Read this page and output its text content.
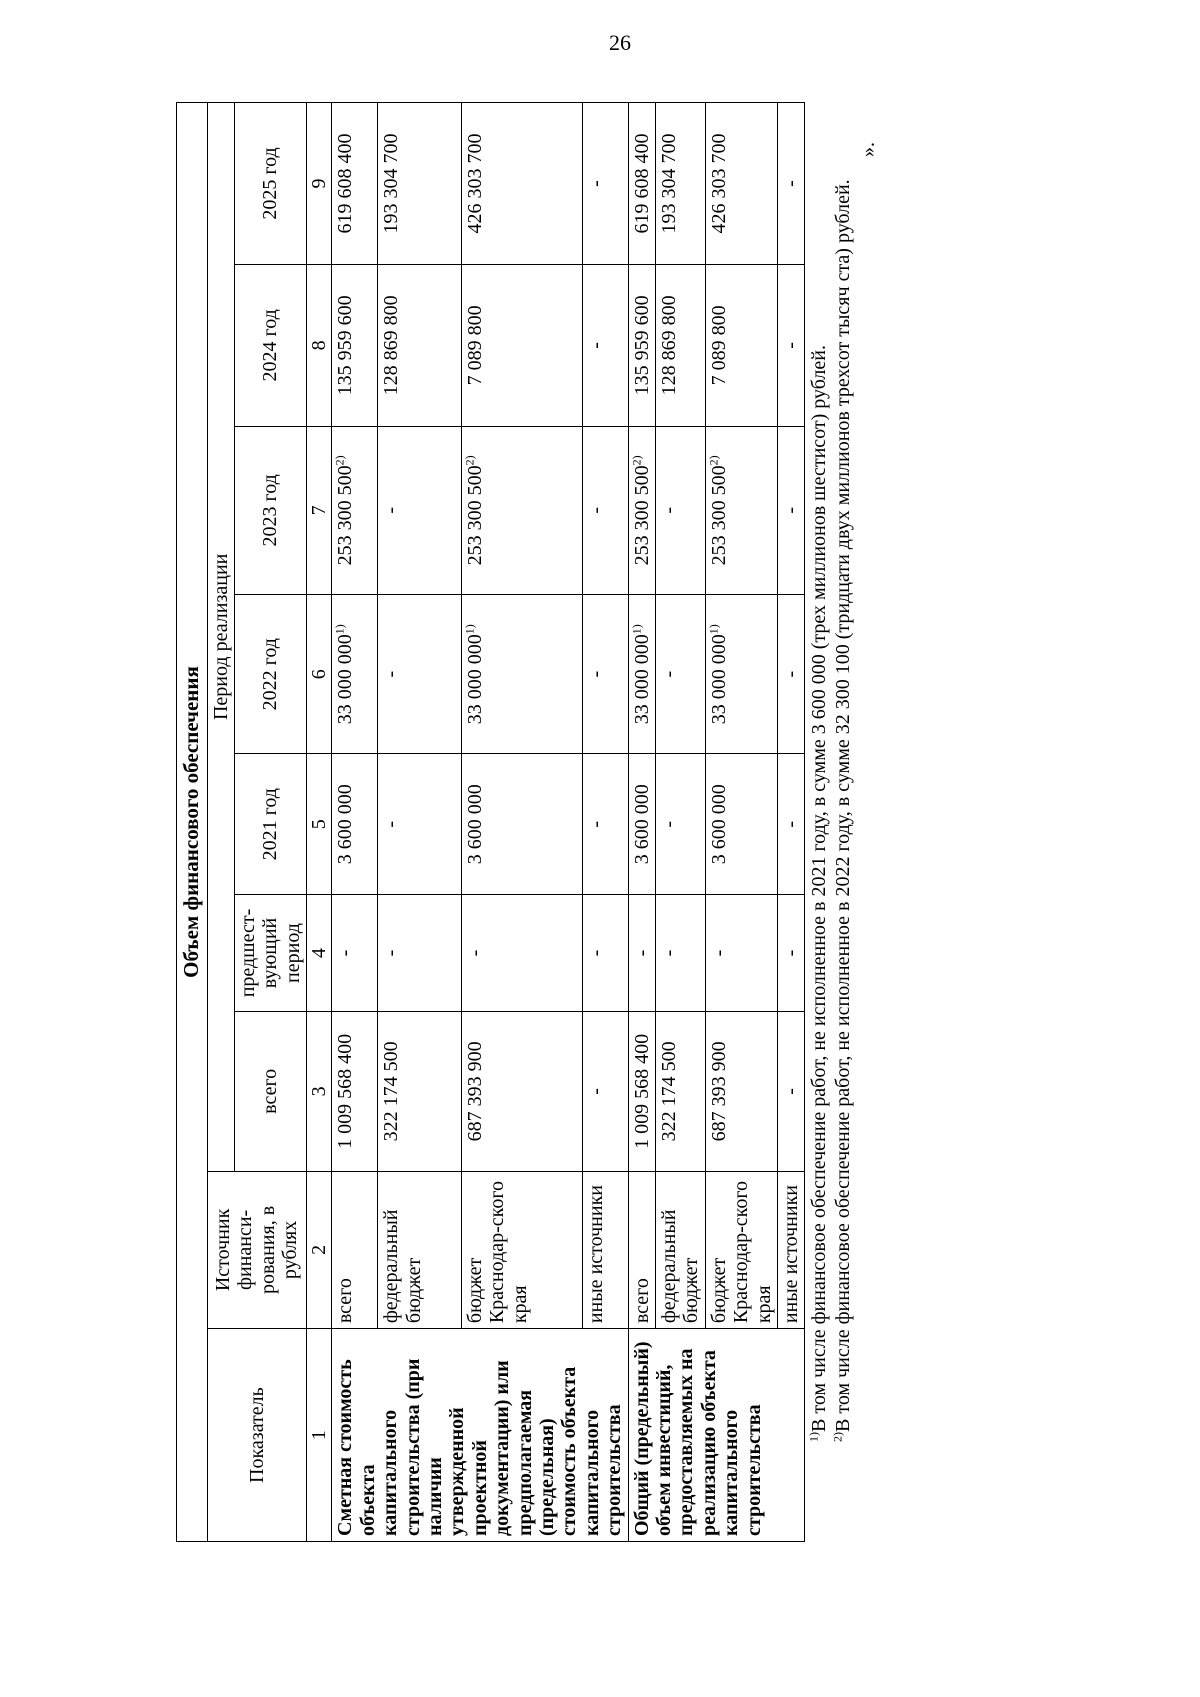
26
Объем финансового обеспечения								
Показатель	Источник финанси-рования, в рублях	Период реализации						
		всего	предшест-вующий период	2021 год	2022 год	2023 год	2024 год	2025 год
1	2	3	4	5	6	7	8	9
Сметная стоимость объекта капитального строительства (при наличии утвержденной проектной документации) или предполагаемая (предельная) стоимость объекта капитального строительства	всего	1 009 568 400	-	3 600 000	33 000 000$^{1)}$	253 300 500$^{2)}$	135 959 600	619 608 400
	федеральный бюджет	322 174 500	-	-	-	-	128 869 800	193 304 700
	бюджет Краснодар-ского края	687 393 900	-	3 600 000	33 000 000$^{1)}$	253 300 500$^{2)}$	7 089 800	426 303 700
	иные источники	-	-	-	-	-	-	-
Общий (предельный) объем инвестиций, предоставляемых на реализацию объекта капитального строительства	всего	1 009 568 400	-	3 600 000	33 000 000$^{1)}$	253 300 500$^{2)}$	135 959 600	619 608 400
	федеральный бюджет	322 174 500	-	-	-	-	128 869 800	193 304 700
	бюджет Краснодар-ского края	687 393 900	-	3 600 000	33 000 000$^{1)}$	253 300 500$^{2)}$	7 089 800	426 303 700
	иные источники	-	-	-	-	-	-	-

$^{1)}$В том числе финансовое обеспечение работ, не исполненное в 2021 году, в сумме 3 600 000 (трех миллионов шестисот) рублей.

$^{2)}$В том числе финансовое обеспечение работ, не исполненное в 2022 году, в сумме 32 300 100 (тридцати двух миллионов трехсот тысяч ста) рублей.

».
